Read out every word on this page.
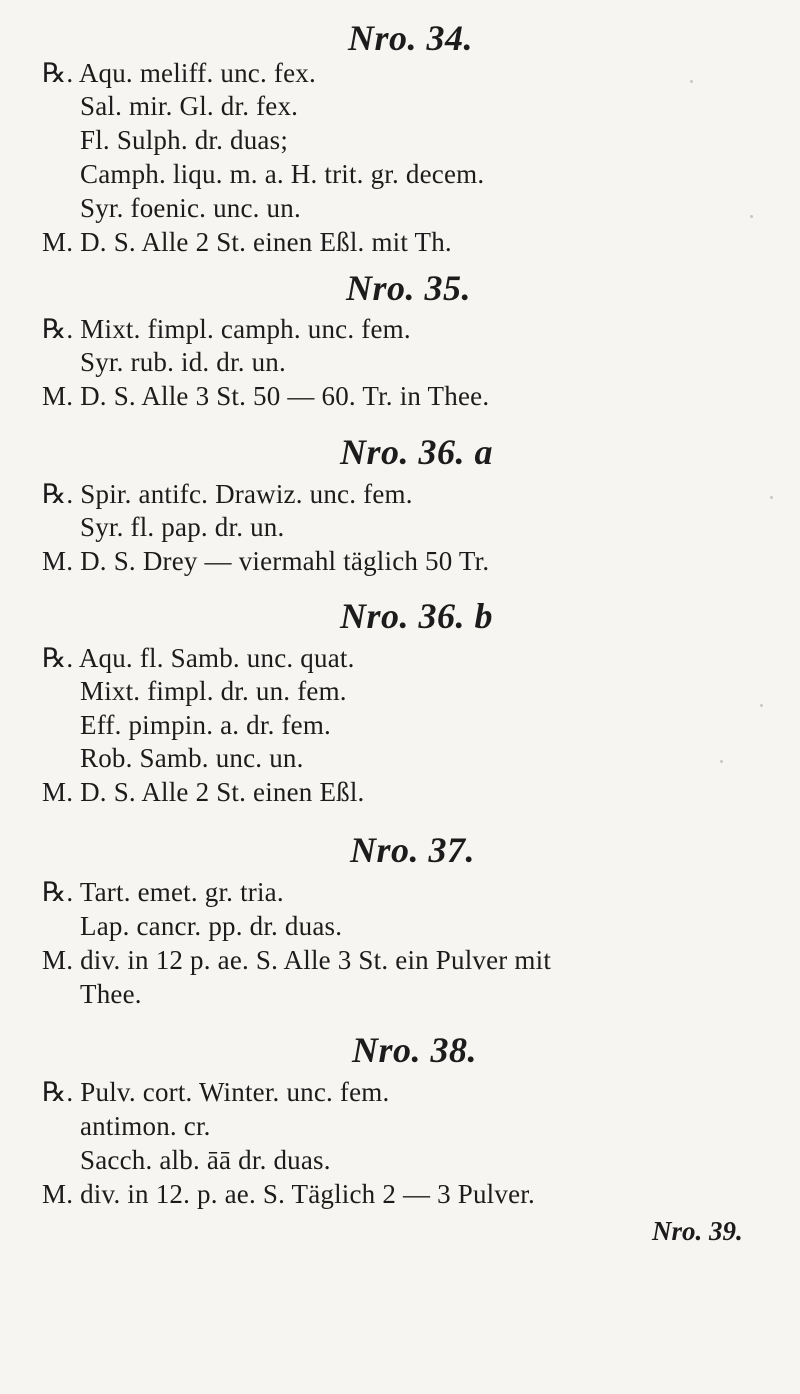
Nro. 34.
℞. Aqu. meliff. unc. fex.
Sal. mir. Gl. dr. fex.
Fl. Sulph. dr. duas;
Camph. liqu. m. a. H. trit. gr. decem.
Syr. foenic. unc. un.
M. D. S. Alle 2 St. einen Eßl. mit Th.
Nro. 35.
℞. Mixt. fimpl. camph. unc. fem.
Syr. rub. id. dr. un.
M. D. S. Alle 3 St. 50 — 60. Tr. in Thee.
Nro. 36. a
℞. Spir. antifc. Drawiz. unc. fem.
Syr. fl. pap. dr. un.
M. D. S. Drey — viermahl täglich 50 Tr.
Nro. 36. b
℞. Aqu. fl. Samb. unc. quat.
Mixt. fimpl. dr. un. fem.
Eff. pimpin. a. dr. fem.
Rob. Samb. unc. un.
M. D. S. Alle 2 St. einen Eßl.
Nro. 37.
℞. Tart. emet. gr. tria.
Lap. cancr. pp. dr. duas.
M. div. in 12 p. ae. S. Alle 3 St. ein Pulver mit
Thee.
Nro. 38.
℞. Pulv. cort. Winter. unc. fem.
antimon. cr.
Sacch. alb. āā dr. duas.
M. div. in 12. p. ae. S. Täglich 2 — 3 Pulver.
Nro. 39.
